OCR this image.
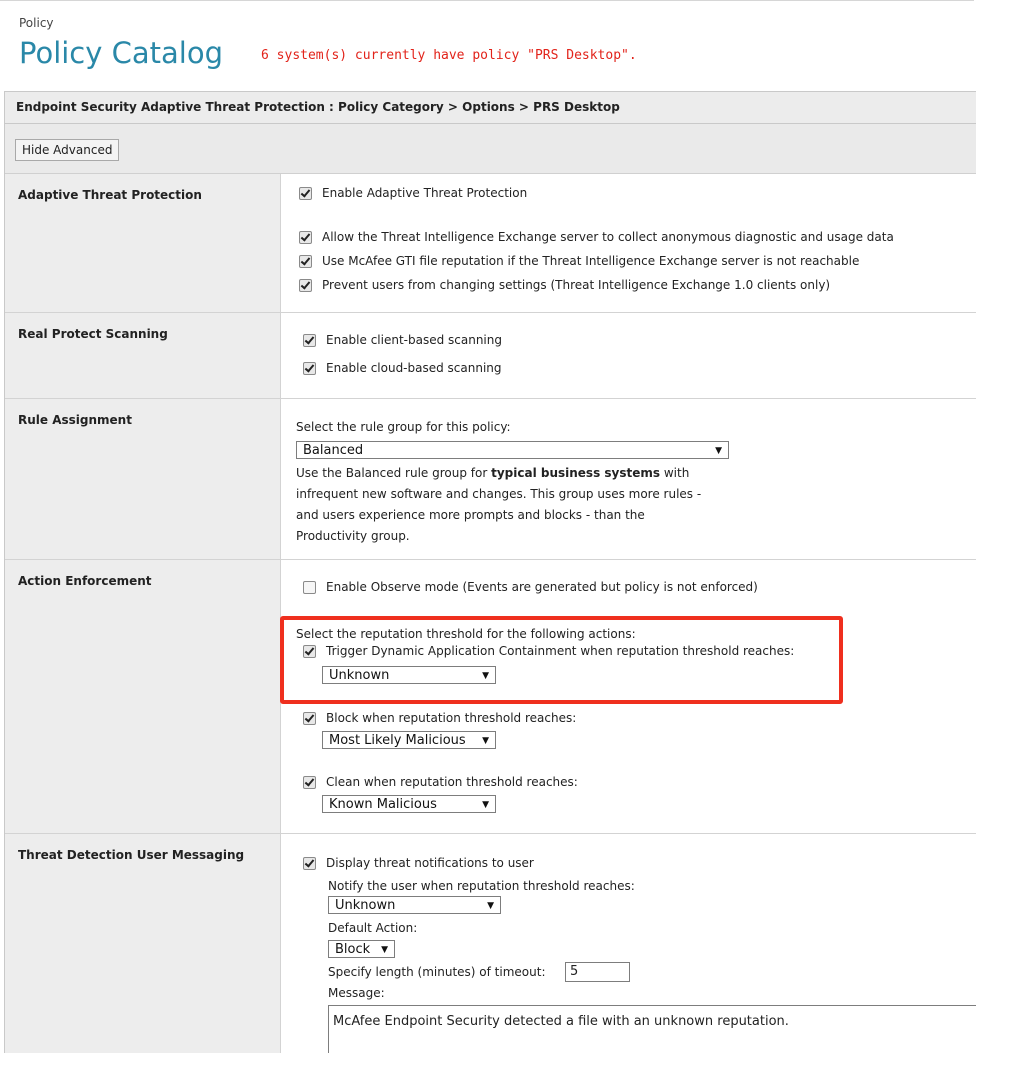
Policy
Policy Catalog	6 system(s) currently have policy "PRS Desktop".
Endpoint Security Adaptive Threat Protection : Policy Category > Options > PRS Desktop
Hide Advanced
Adaptive Threat Protection	Enable Adaptive Threat Protection
Allow the Threat Intelligence Exchange server to collect anonymous diagnostic and usage data
Use McAfee GTI file reputation if the Threat Intelligence Exchange server is not reachable
Prevent users from changing settings (Threat Intelligence Exchange 1.0 clients only)
Real Protect Scanning	Enable client-based scanning
Enable cloud-based scanning
Rule Assignment	Select the rule group for this policy:
Balanced	▼
Use the Balanced rule group for typical business systems with infrequent new software and changes. This group uses more rules - and users experience more prompts and blocks - than the Productivity group.
Action Enforcement	Enable Observe mode (Events are generated but policy is not enforced)
Select the reputation threshold for the following actions:
Trigger Dynamic Application Containment when reputation threshold reaches:
Unknown	▼
Block when reputation threshold reaches:
Most Likely Malicious ▼
Clean when reputation threshold reaches:
Known Malicious	▼
Threat Detection User Messaging
Display threat notifications to user
Notify the user when reputation threshold reaches:
Unknown	▼
Default Action:
Block ▼
Specify length (minutes) of timeout:	5
Message:
McAfee Endpoint Security detected a file with an unknown reputation.
